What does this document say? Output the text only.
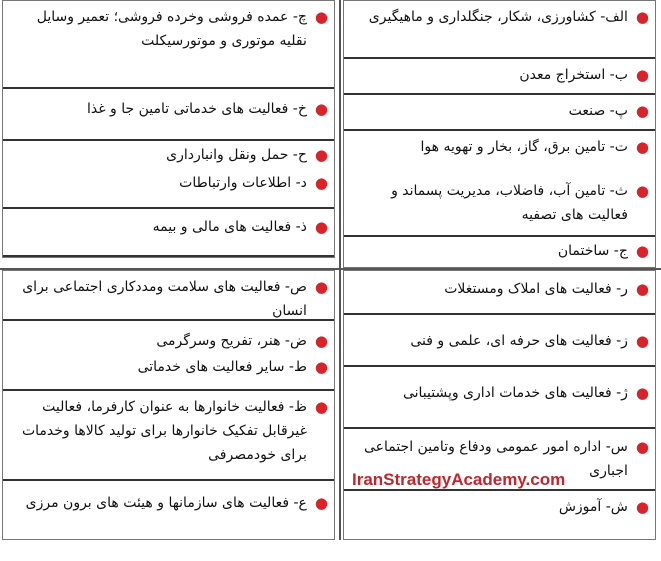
●
الف- کشاورزی، شکار، جنگلداری و ماهیگیری
●
ب- استخراج معدن
●
پ- صنعت
●
ت- تامین برق، گاز، بخار و تهویه هوا
●
ث- تامین آب، فاضلاب، مدیریت پسماند و فعالیت های تصفیه
●
ج- ساختمان
●
چ- عمده فروشی وخرده فروشی؛ تعمیر وسایل نقلیه موتوری و موتورسیکلت
●
خ- فعالیت های خدماتی تامین جا و غذا
●
ح- حمل ونقل وانبارداری
●
د- اطلاعات وارتباطات
●
ذ- فعالیت های مالی و بیمه
●
ر- فعالیت های املاک ومستغلات
●
ز- فعالیت های حرفه ای، علمی و فنی
●
ژ- فعالیت های خدمات اداری وپشتیبانی
●
س- اداره امور عمومی ودفاع وتامین اجتماعی اجباری
●
ش- آموزش
●
ص- فعالیت های سلامت ومددکاری اجتماعی برای انسان
●
ض- هنر، تفریح وسرگرمی
●
ط- سایر فعالیت های خدماتی
●
ظ- فعالیت خانوارها به عنوان کارفرما، فعالیت غیرقابل تفکیک خانوارها برای تولید کالاها وخدمات برای خودمصرفی
●
ع- فعالیت های سازمانها و هیئت های برون مرزی
IranStrategyAcademy.com
